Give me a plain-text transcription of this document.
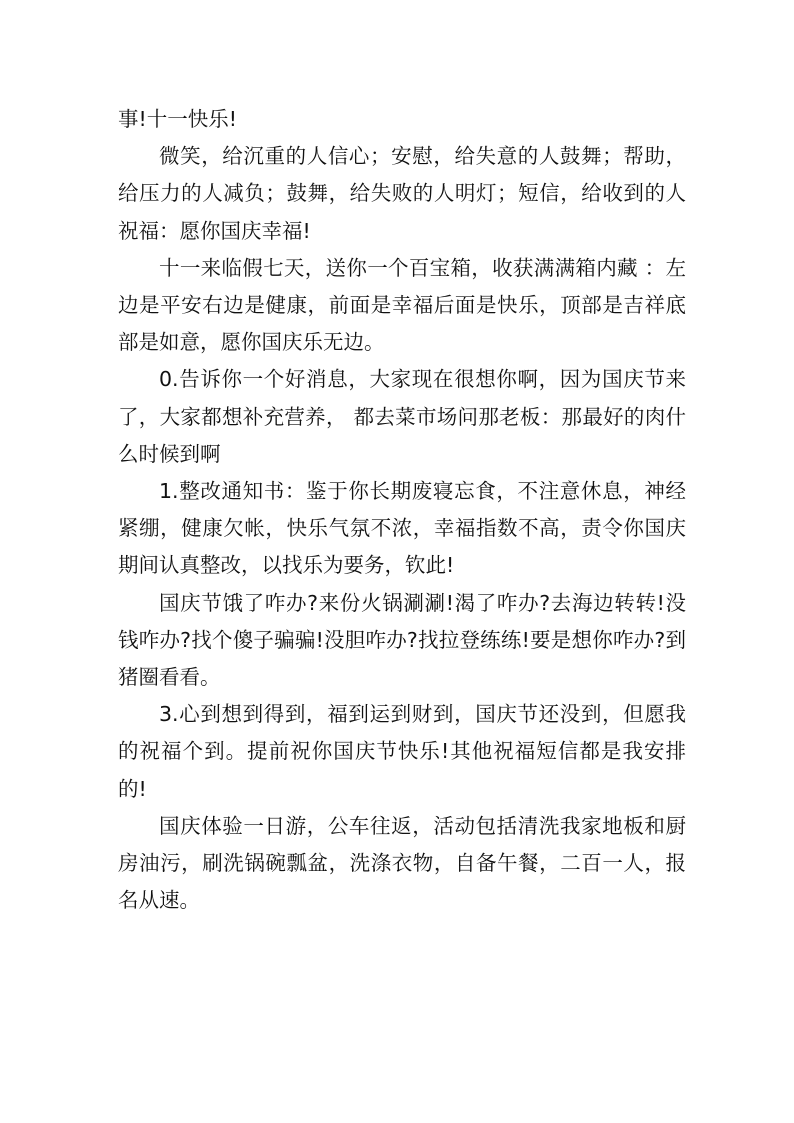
事!十一快乐!

微笑，给沉重的人信心；安慰，给失意的人鼓舞；帮助，给压力的人减负；鼓舞，给失败的人明灯；短信，给收到的人祝福：愿你国庆幸福!

十一来临假七天，送你一个百宝箱，收获满满箱内藏 ：左边是平安右边是健康，前面是幸福后面是快乐，顶部是吉祥底部是如意，愿你国庆乐无边。

0.告诉你一个好消息，大家现在很想你啊，因为国庆节来了，大家都想补充营养， 都去菜市场问那老板：那最好的肉什么时候到啊

1.整改通知书：鉴于你长期废寝忘食，不注意休息，神经紧绷，健康欠帐，快乐气氛不浓，幸福指数不高，责令你国庆期间认真整改，以找乐为要务，钦此!

国庆节饿了咋办?来份火锅涮涮!渴了咋办?去海边转转!没钱咋办?找个傻子骗骗!没胆咋办?找拉登练练!要是想你咋办?到猪圈看看。

3.心到想到得到，福到运到财到，国庆节还没到，但愿我的祝福个到。提前祝你国庆节快乐!其他祝福短信都是我安排的!

国庆体验一日游，公车往返，活动包括清洗我家地板和厨房油污，刷洗锅碗瓢盆，洗涤衣物，自备午餐，二百一人，报名从速。
